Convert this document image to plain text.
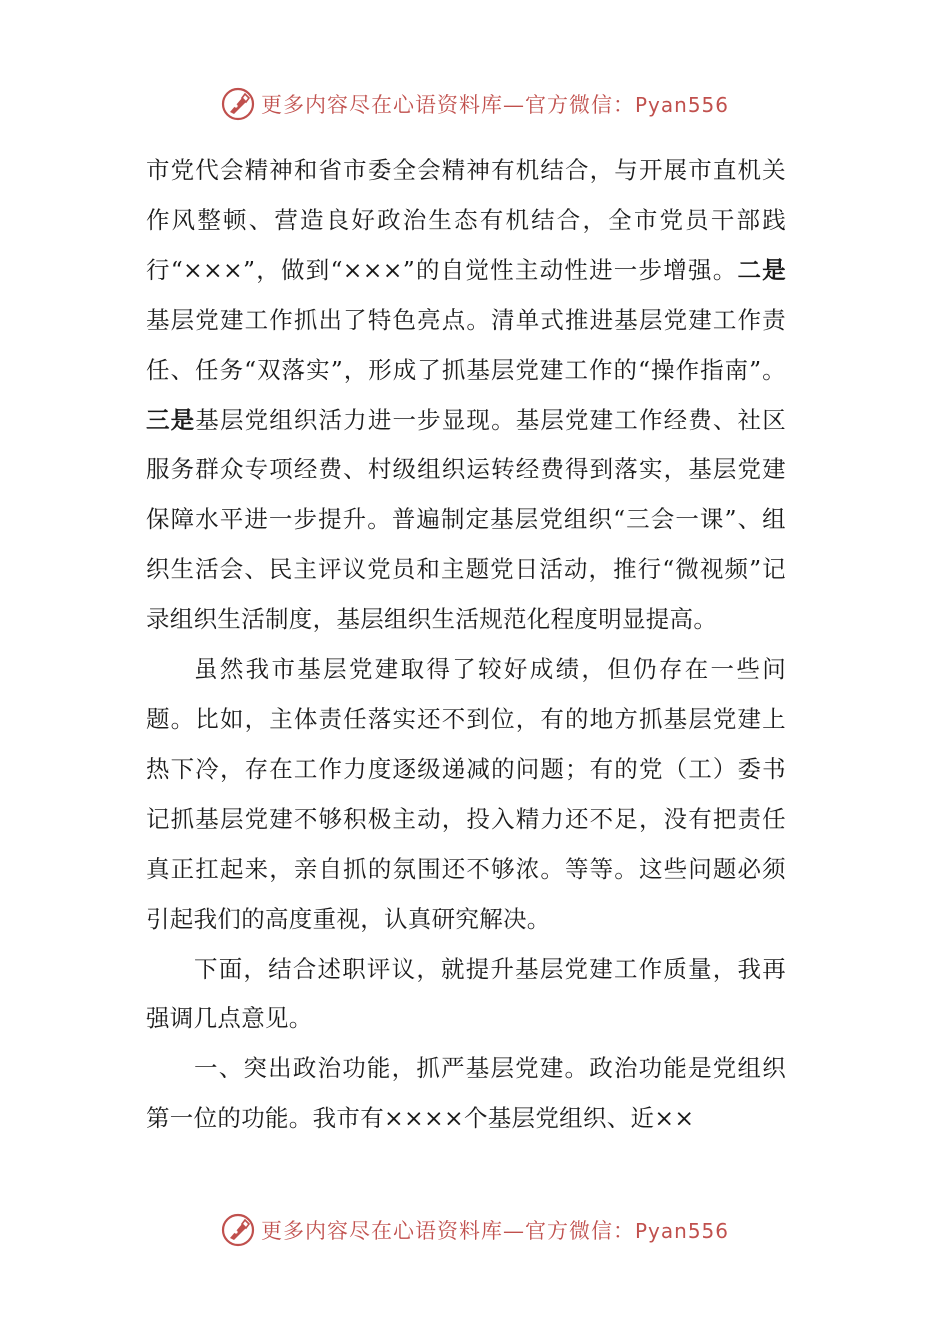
更多内容尽在心语资料库—官方微信：Pyan556

市党代会精神和省市委全会精神有机结合，与开展市直机关作风整顿、营造良好政治生态有机结合，全市党员干部践行“×××”，做到“×××”的自觉性主动性进一步增强。二是基层党建工作抓出了特色亮点。清单式推进基层党建工作责任、任务“双落实”，形成了抓基层党建工作的“操作指南”。三是基层党组织活力进一步显现。基层党建工作经费、社区服务群众专项经费、村级组织运转经费得到落实，基层党建保障水平进一步提升。普遍制定基层党组织“三会一课”、组织生活会、民主评议党员和主题党日活动，推行“微视频”记录组织生活制度，基层组织生活规范化程度明显提高。

虽然我市基层党建取得了较好成绩，但仍存在一些问题。比如，主体责任落实还不到位，有的地方抓基层党建上热下冷，存在工作力度逐级递减的问题；有的党（工）委书记抓基层党建不够积极主动，投入精力还不足，没有把责任真正扛起来，亲自抓的氛围还不够浓。等等。这些问题必须引起我们的高度重视，认真研究解决。

下面，结合述职评议，就提升基层党建工作质量，我再强调几点意见。

一、突出政治功能，抓严基层党建。政治功能是党组织第一位的功能。我市有××××个基层党组织、近××

更多内容尽在心语资料库—官方微信：Pyan556
